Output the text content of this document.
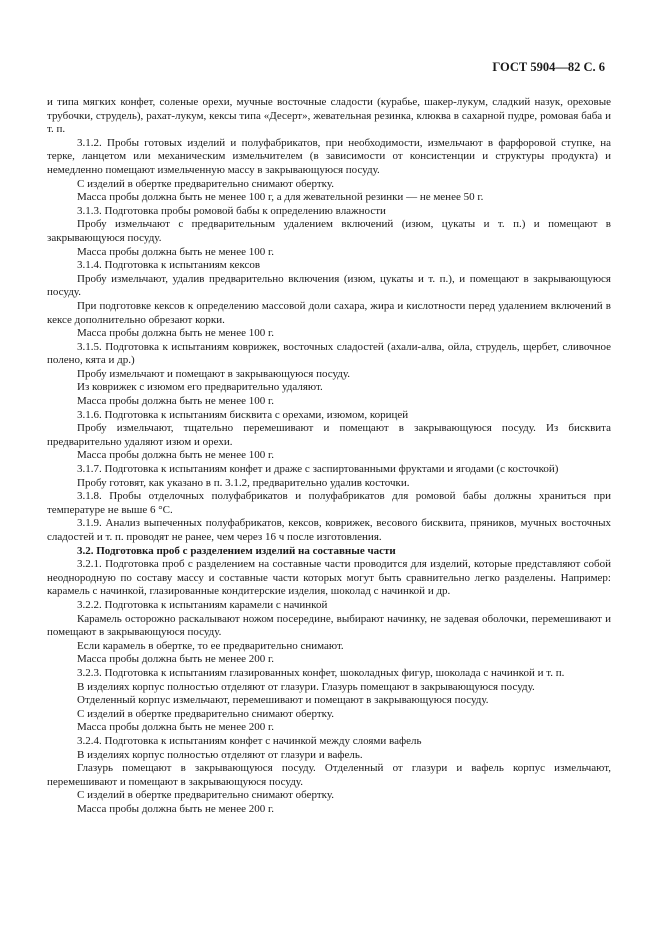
ГОСТ 5904—82 С. 6

и типа мягких конфет, соленые орехи, мучные восточные сладости (курабье, шакер-лукум, сладкий назук, ореховые трубочки, струдель), рахат-лукум, кексы типа «Десерт», жевательная резинка, клюква в сахарной пудре, ромовая баба и т. п.

3.1.2. Пробы готовых изделий и полуфабрикатов, при необходимости, измельчают в фарфоровой ступке, на терке, ланцетом или механическим измельчителем (в зависимости от консистенции и структуры продукта) и немедленно помещают измельченную массу в закрывающуюся посуду.

С изделий в обертке предварительно снимают обертку.

Масса пробы должна быть не менее 100 г, а для жевательной резинки — не менее 50 г.

3.1.3. Подготовка пробы ромовой бабы к определению влажности

Пробу измельчают с предварительным удалением включений (изюм, цукаты и т. п.) и помещают в закрывающуюся посуду.

Масса пробы должна быть не менее 100 г.

3.1.4. Подготовка к испытаниям кексов

Пробу измельчают, удалив предварительно включения (изюм, цукаты и т. п.), и помещают в закрывающуюся посуду.

При подготовке кексов к определению массовой доли сахара, жира и кислотности перед удалением включений в кексе дополнительно обрезают корки.

Масса пробы должна быть не менее 100 г.

3.1.5. Подготовка к испытаниям коврижек, восточных сладостей (ахали-алва, ойла, струдель, щербет, сливочное полено, кята и др.)

Пробу измельчают и помещают в закрывающуюся посуду.

Из коврижек с изюмом его предварительно удаляют.

Масса пробы должна быть не менее 100 г.

3.1.6. Подготовка к испытаниям бисквита с орехами, изюмом, корицей

Пробу измельчают, тщательно перемешивают и помещают в закрывающуюся посуду. Из бисквита предварительно удаляют изюм и орехи.

Масса пробы должна быть не менее 100 г.

3.1.7. Подготовка к испытаниям конфет и драже с заспиртованными фруктами и ягодами (с косточкой)

Пробу готовят, как указано в п. 3.1.2, предварительно удалив косточки.

3.1.8. Пробы отделочных полуфабрикатов и полуфабрикатов для ромовой бабы должны храниться при температуре не выше 6 °С.

3.1.9. Анализ выпеченных полуфабрикатов, кексов, коврижек, весового бисквита, пряников, мучных восточных сладостей и т. п. проводят не ранее, чем через 16 ч после изготовления.

3.2. Подготовка проб с разделением изделий на составные части

3.2.1. Подготовка проб с разделением на составные части проводится для изделий, которые представляют собой неоднородную по составу массу и составные части которых могут быть сравнительно легко разделены. Например: карамель с начинкой, глазированные кондитерские изделия, шоколад с начинкой и др.

3.2.2. Подготовка к испытаниям карамели с начинкой

Карамель осторожно раскалывают ножом посередине, выбирают начинку, не задевая оболочки, перемешивают и помещают в закрывающуюся посуду.

Если карамель в обертке, то ее предварительно снимают.

Масса пробы должна быть не менее 200 г.

3.2.3. Подготовка к испытаниям глазированных конфет, шоколадных фигур, шоколада с начинкой и т. п.

В изделиях корпус полностью отделяют от глазури. Глазурь помещают в закрывающуюся посуду.

Отделенный корпус измельчают, перемешивают и помещают в закрывающуюся посуду.

С изделий в обертке предварительно снимают обертку.

Масса пробы должна быть не менее 200 г.

3.2.4. Подготовка к испытаниям конфет с начинкой между слоями вафель

В изделиях корпус полностью отделяют от глазури и вафель.

Глазурь помещают в закрывающуюся посуду. Отделенный от глазури и вафель корпус измельчают, перемешивают и помещают в закрывающуюся посуду.

С изделий в обертке предварительно снимают обертку.

Масса пробы должна быть не менее 200 г.
